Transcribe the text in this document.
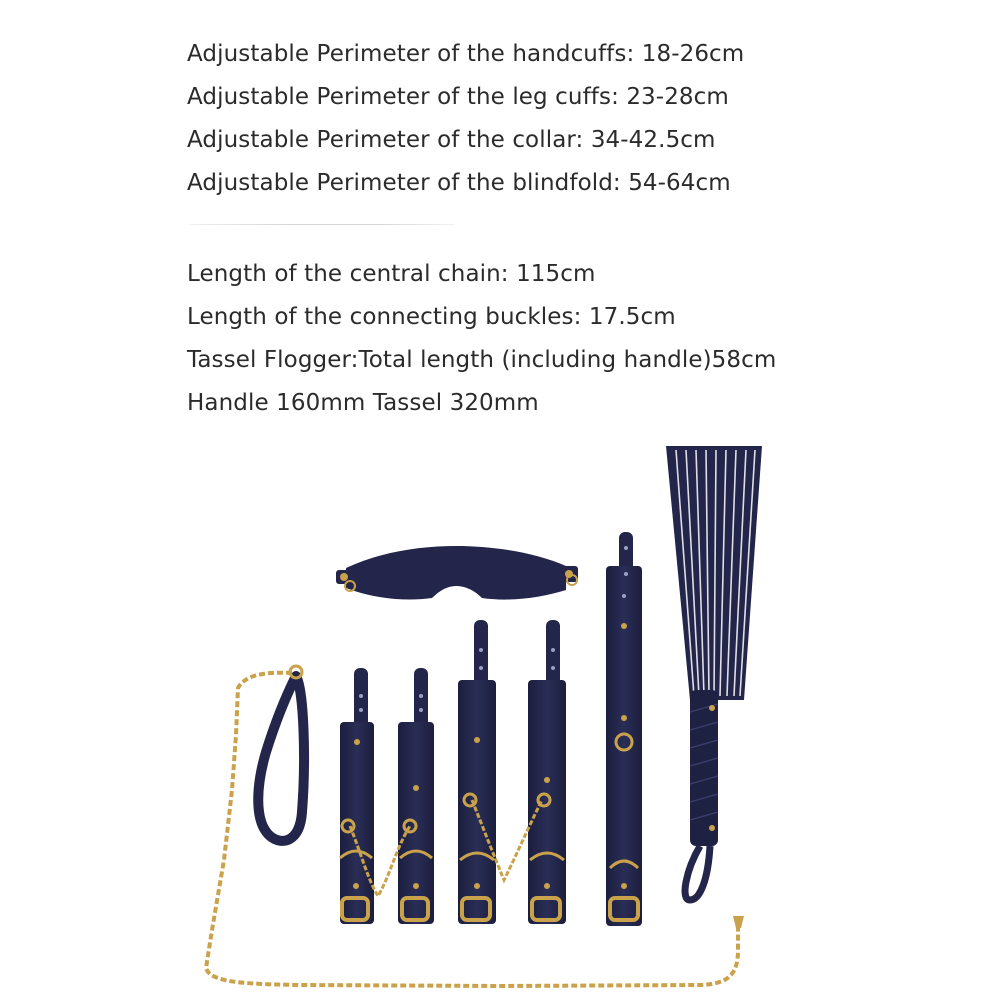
Adjustable Perimeter of the handcuffs: 18-26cm
Adjustable Perimeter of the leg cuffs: 23-28cm
Adjustable Perimeter of the collar: 34-42.5cm
Adjustable Perimeter of the blindfold: 54-64cm
Length of the central chain: 115cm
Length of the connecting buckles: 17.5cm
Tassel Flogger:Total length (including handle)58cm
Handle 160mm Tassel 320mm
